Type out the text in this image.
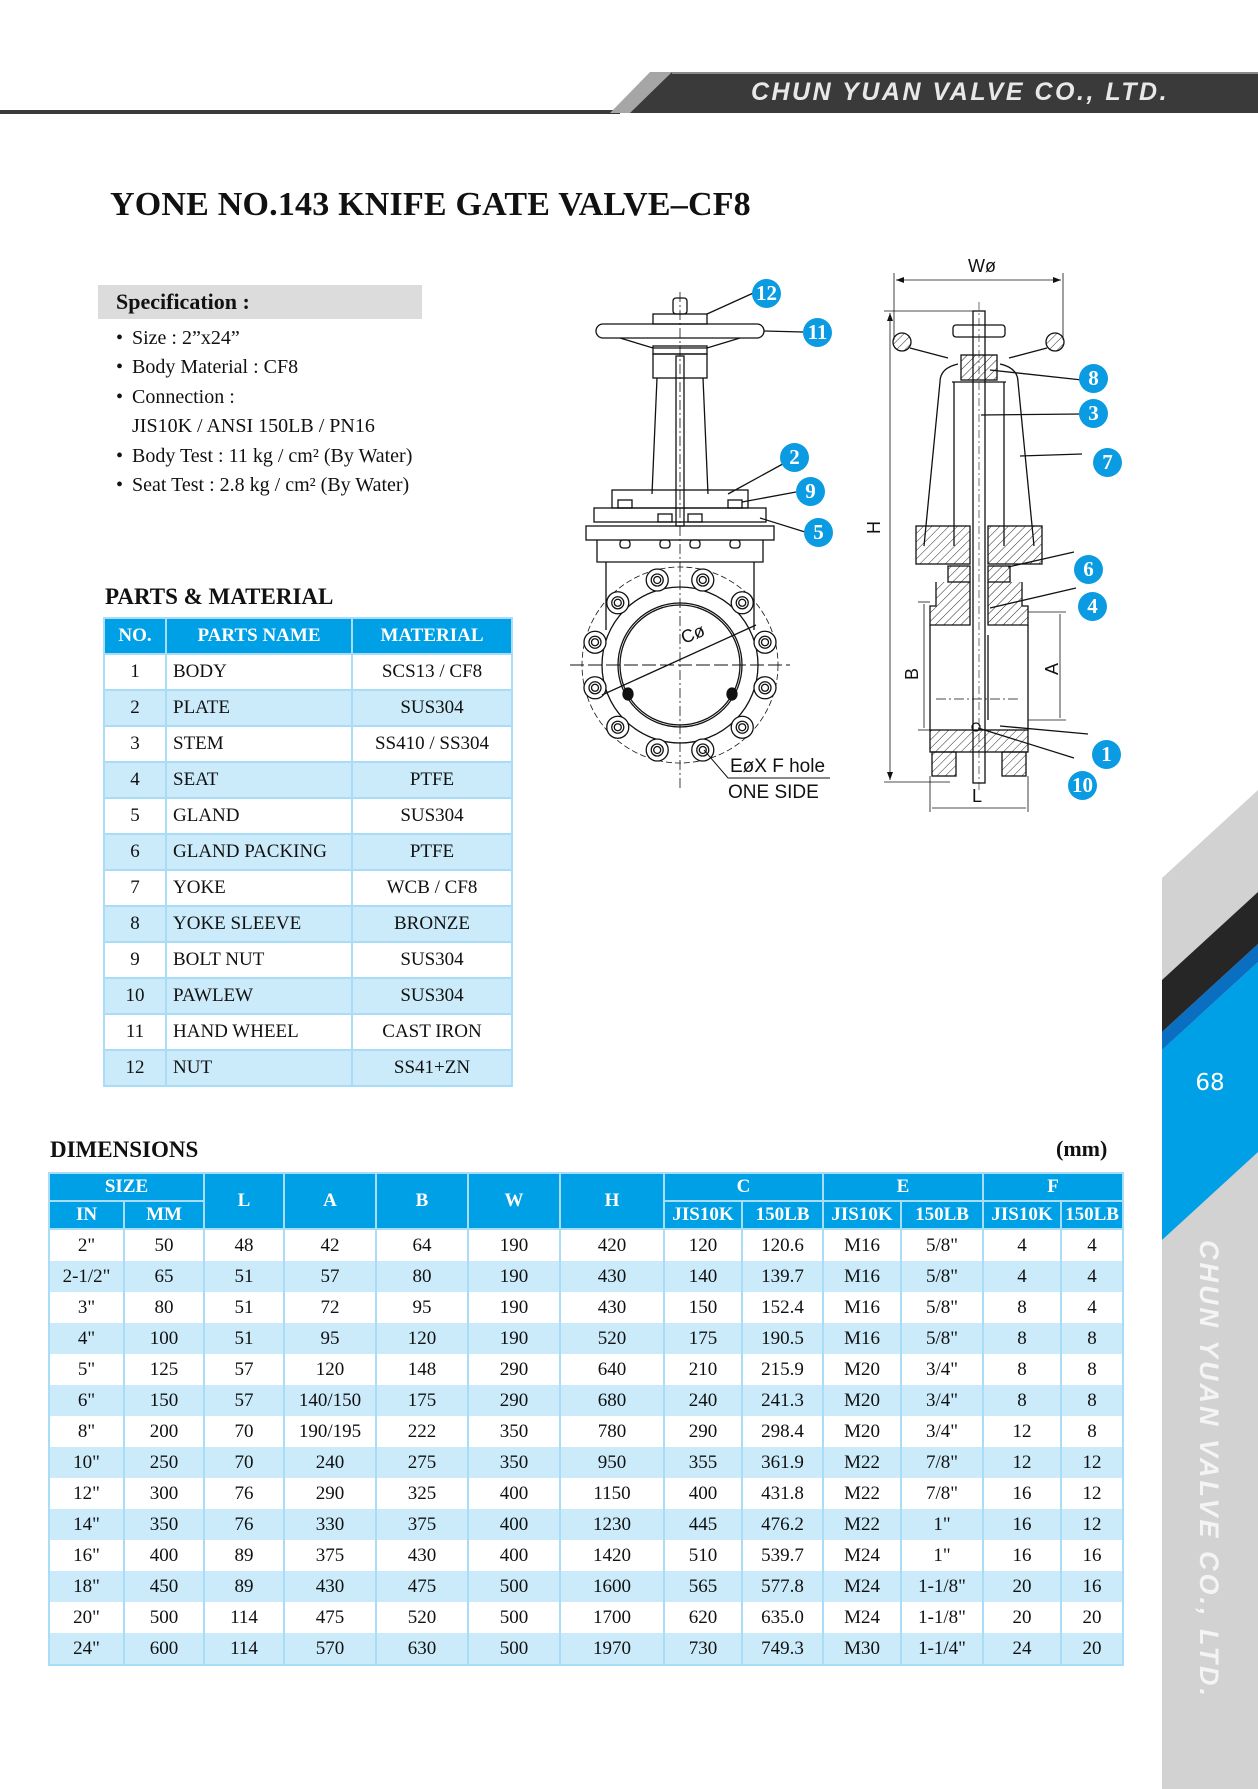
CHUN YUAN VALVE CO., LTD.
YONE NO.143 KNIFE GATE VALVE–CF8
Specification :
• Size : 2”x24”
• Body Material : CF8
• Connection :
JIS10K / ANSI 150LB / PN16
• Body Test : 11 kg / cm² (By Water)
• Seat Test : 2.8 kg / cm² (By Water)
PARTS & MATERIAL
NO.	PARTS NAME	MATERIAL
1	BODY	SCS13 / CF8
2	PLATE	SUS304
3	STEM	SS410 / SS304
4	SEAT	PTFE
5	GLAND	SUS304
6	GLAND PACKING	PTFE
7	YOKE	WCB / CF8
8	YOKE SLEEVE	BRONZE
9	BOLT NUT	SUS304
10	PAWLEW	SUS304
11	HAND WHEEL	CAST IRON
12	NUT	SS41+ZN
Cø
EøX F hole
ONE SIDE
12
11
2
9
5
Wø
H
B	A
L
8
3
7
6
4
1
10
DIMENSIONS	(mm)
SIZE		L	A	B	W	H	C		E		F	
IN	MM						JIS10K	150LB	JIS10K	150LB	JIS10K	150LB
2"	50	48	42	64	190	420	120	120.6	M16	5/8"	4	4
2-1/2"	65	51	57	80	190	430	140	139.7	M16	5/8"	4	4
3"	80	51	72	95	190	430	150	152.4	M16	5/8"	8	4
4"	100	51	95	120	190	520	175	190.5	M16	5/8"	8	8
5"	125	57	120	148	290	640	210	215.9	M20	3/4"	8	8
6"	150	57	140/150	175	290	680	240	241.3	M20	3/4"	8	8
8"	200	70	190/195	222	350	780	290	298.4	M20	3/4"	12	8
10"	250	70	240	275	350	950	355	361.9	M22	7/8"	12	12
12"	300	76	290	325	400	1150	400	431.8	M22	7/8"	16	12
14"	350	76	330	375	400	1230	445	476.2	M22	1"	16	12
16"	400	89	375	430	400	1420	510	539.7	M24	1"	16	16
18"	450	89	430	475	500	1600	565	577.8	M24	1-1/8"	20	16
20"	500	114	475	520	500	1700	620	635.0	M24	1-1/8"	20	20
24"	600	114	570	630	500	1970	730	749.3	M30	1-1/4"	24	20
68
CHUN YUAN VALVE CO., LTD.
